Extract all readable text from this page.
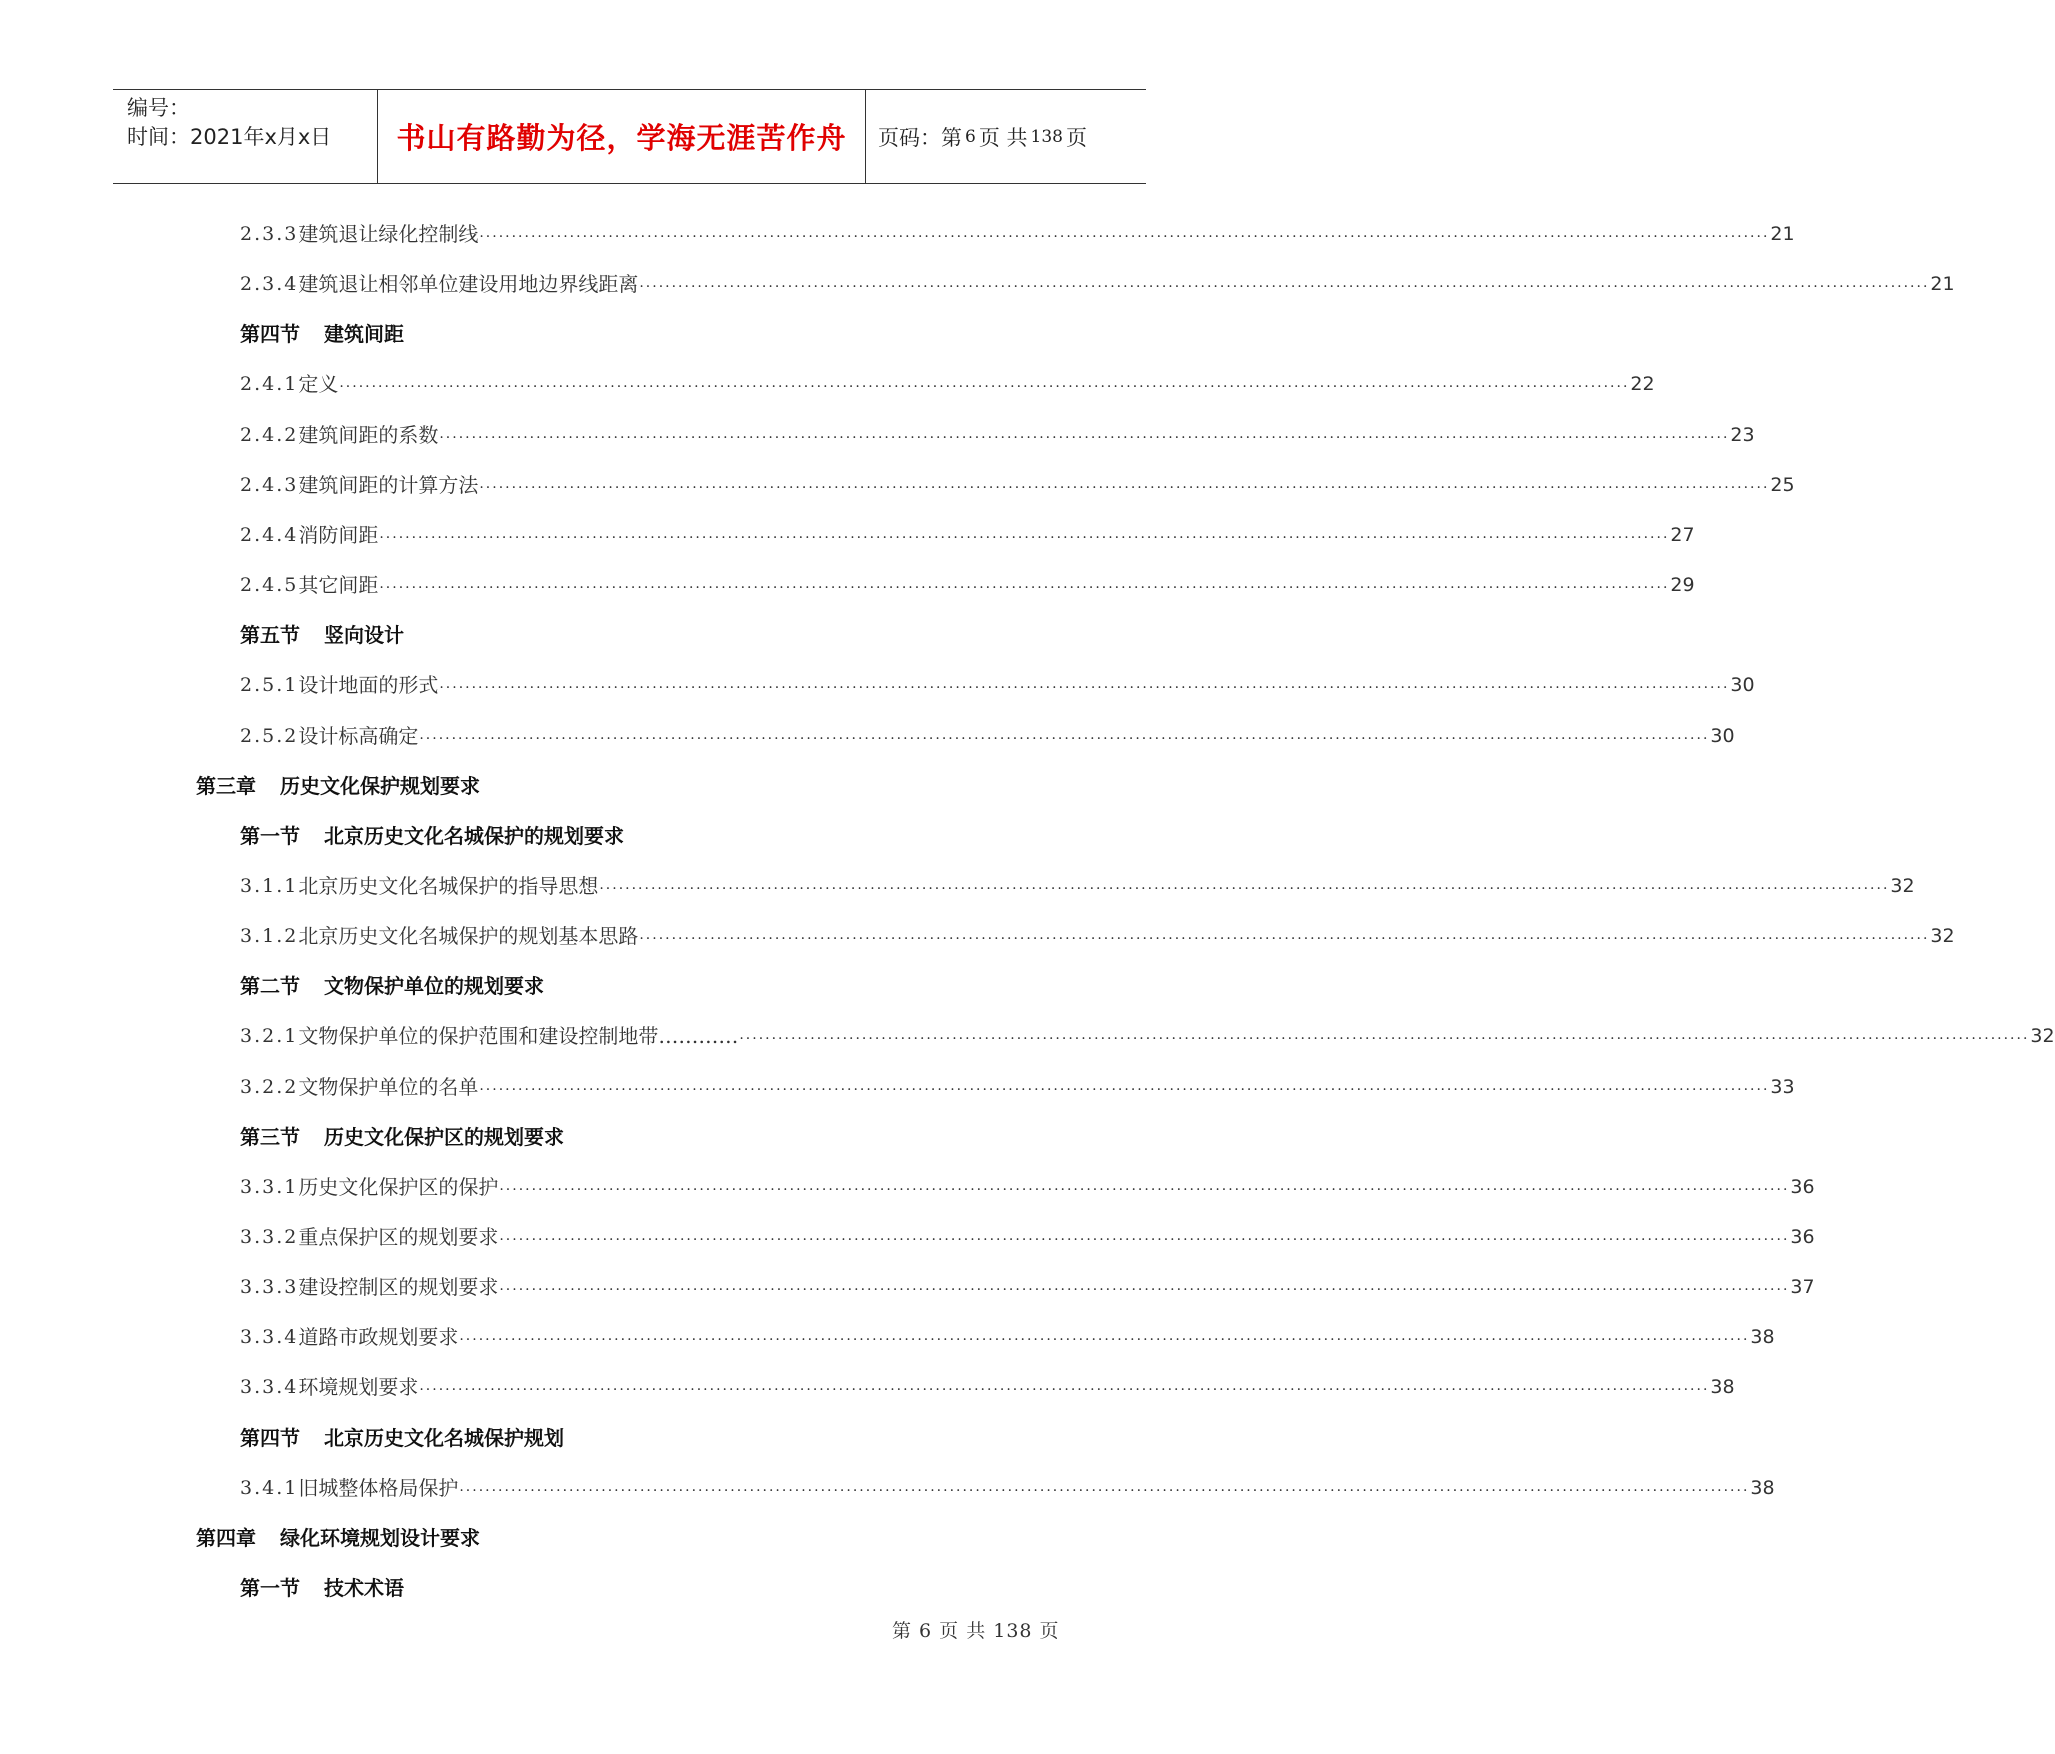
编号：
时间：2021年x月x日	书山有路勤为径，学海无涯苦作舟	页码：第 6 页 共 138 页
2.3.3 建筑退让绿化控制线 ········································································································································································································ 21
2.3.4 建筑退让相邻单位建设用地边界线距离 ········································································································································································································ 21
第四节 建筑间距
2.4.1 定义 ········································································································································································································ 22
2.4.2 建筑间距的系数 ········································································································································································································ 23
2.4.3 建筑间距的计算方法 ········································································································································································································ 25
2.4.4 消防间距 ········································································································································································································ 27
2.4.5 其它间距 ········································································································································································································ 29
第五节 竖向设计
2.5.1 设计地面的形式 ········································································································································································································ 30
2.5.2 设计标高确定 ········································································································································································································ 30
第三章 历史文化保护规划要求
第一节 北京历史文化名城保护的规划要求
3.1.1 北京历史文化名城保护的指导思想 ········································································································································································································ 32
3.1.2 北京历史文化名城保护的规划基本思路 ········································································································································································································ 32
第二节 文物保护单位的规划要求
3.2.1 文物保护单位的保护范围和建设控制地带………… ········································································································································································································ 32
3.2.2 文物保护单位的名单 ········································································································································································································ 33
第三节 历史文化保护区的规划要求
3.3.1 历史文化保护区的保护 ········································································································································································································ 36
3.3.2 重点保护区的规划要求 ········································································································································································································ 36
3.3.3 建设控制区的规划要求 ········································································································································································································ 37
3.3.4 道路市政规划要求 ········································································································································································································ 38
3.3.4 环境规划要求 ········································································································································································································ 38
第四节 北京历史文化名城保护规划
3.4.1 旧城整体格局保护 ········································································································································································································ 38
第四章 绿化环境规划设计要求
第一节 技术术语
第 6 页 共 138 页
